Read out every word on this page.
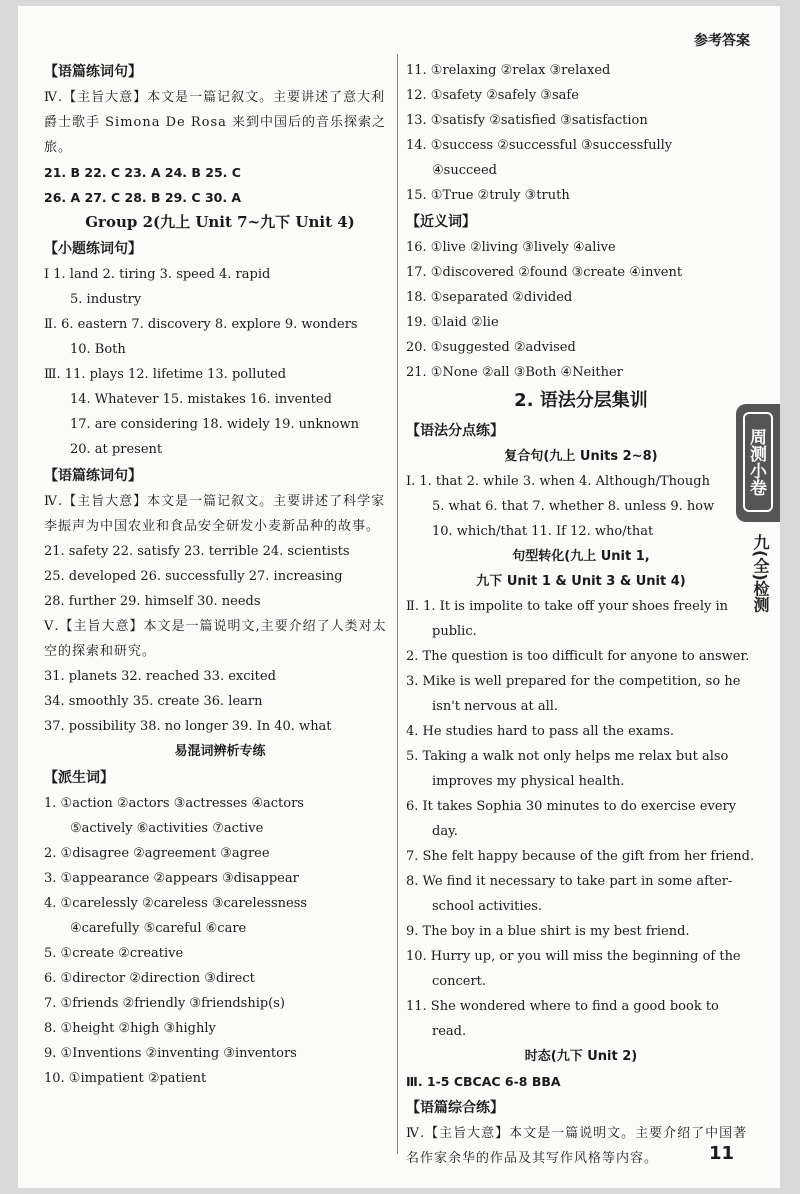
参考答案
【语篇练词句】
Ⅳ.【主旨大意】本文是一篇记叙文。主要讲述了意大利爵士歌手 Simona De Rosa 来到中国后的音乐探索之旅。
21. B 22. C 23. A 24. B 25. C
26. A 27. C 28. B 29. C 30. A
Group 2(九上 Unit 7~九下 Unit 4)
【小题练词句】
Ⅰ 1. land 2. tiring 3. speed 4. rapid
5. industry
Ⅱ. 6. eastern 7. discovery 8. explore 9. wonders
10. Both
Ⅲ. 11. plays 12. lifetime 13. polluted
14. Whatever 15. mistakes 16. invented
17. are considering 18. widely 19. unknown
20. at present
【语篇练词句】
Ⅳ.【主旨大意】本文是一篇记叙文。主要讲述了科学家李振声为中国农业和食品安全研发小麦新品种的故事。
21. safety 22. satisfy 23. terrible 24. scientists
25. developed 26. successfully 27. increasing
28. further 29. himself 30. needs
Ⅴ.【主旨大意】本文是一篇说明文,主要介绍了人类对太空的探索和研究。
31. planets 32. reached 33. excited
34. smoothly 35. create 36. learn
37. possibility 38. no longer 39. In 40. what
易混词辨析专练
【派生词】
1. ①action ②actors ③actresses ④actors
⑤actively ⑥activities ⑦active
2. ①disagree ②agreement ③agree
3. ①appearance ②appears ③disappear
4. ①carelessly ②careless ③carelessness
④carefully ⑤careful ⑥care
5. ①create ②creative
6. ①director ②direction ③direct
7. ①friends ②friendly ③friendship(s)
8. ①height ②high ③highly
9. ①Inventions ②inventing ③inventors
10. ①impatient ②patient
11. ①relaxing ②relax ③relaxed
12. ①safety ②safely ③safe
13. ①satisfy ②satisfied ③satisfaction
14. ①success ②successful ③successfully
④succeed
15. ①True ②truly ③truth
【近义词】
16. ①live ②living ③lively ④alive
17. ①discovered ②found ③create ④invent
18. ①separated ②divided
19. ①laid ②lie
20. ①suggested ②advised
21. ①None ②all ③Both ④Neither
2. 语法分层集训
【语法分点练】
复合句(九上 Units 2~8)
Ⅰ. 1. that 2. while 3. when 4. Although/Though
5. what 6. that 7. whether 8. unless 9. how
10. which/that 11. If 12. who/that
句型转化(九上 Unit 1,
九下 Unit 1 & Unit 3 & Unit 4)
Ⅱ. 1. It is impolite to take off your shoes freely in public.
2. The question is too difficult for anyone to answer.
3. Mike is well prepared for the competition, so he isn't nervous at all.
4. He studies hard to pass all the exams.
5. Taking a walk not only helps me relax but also improves my physical health.
6. It takes Sophia 30 minutes to do exercise every day.
7. She felt happy because of the gift from her friend.
8. We find it necessary to take part in some after-school activities.
9. The boy in a blue shirt is my best friend.
10. Hurry up, or you will miss the beginning of the concert.
11. She wondered where to find a good book to read.
时态(九下 Unit 2)
Ⅲ. 1-5 CBCAC 6-8 BBA
【语篇综合练】
Ⅳ.【主旨大意】本文是一篇说明文。主要介绍了中国著名作家余华的作品及其写作风格等内容。
周测小卷
九(全)检测
11
